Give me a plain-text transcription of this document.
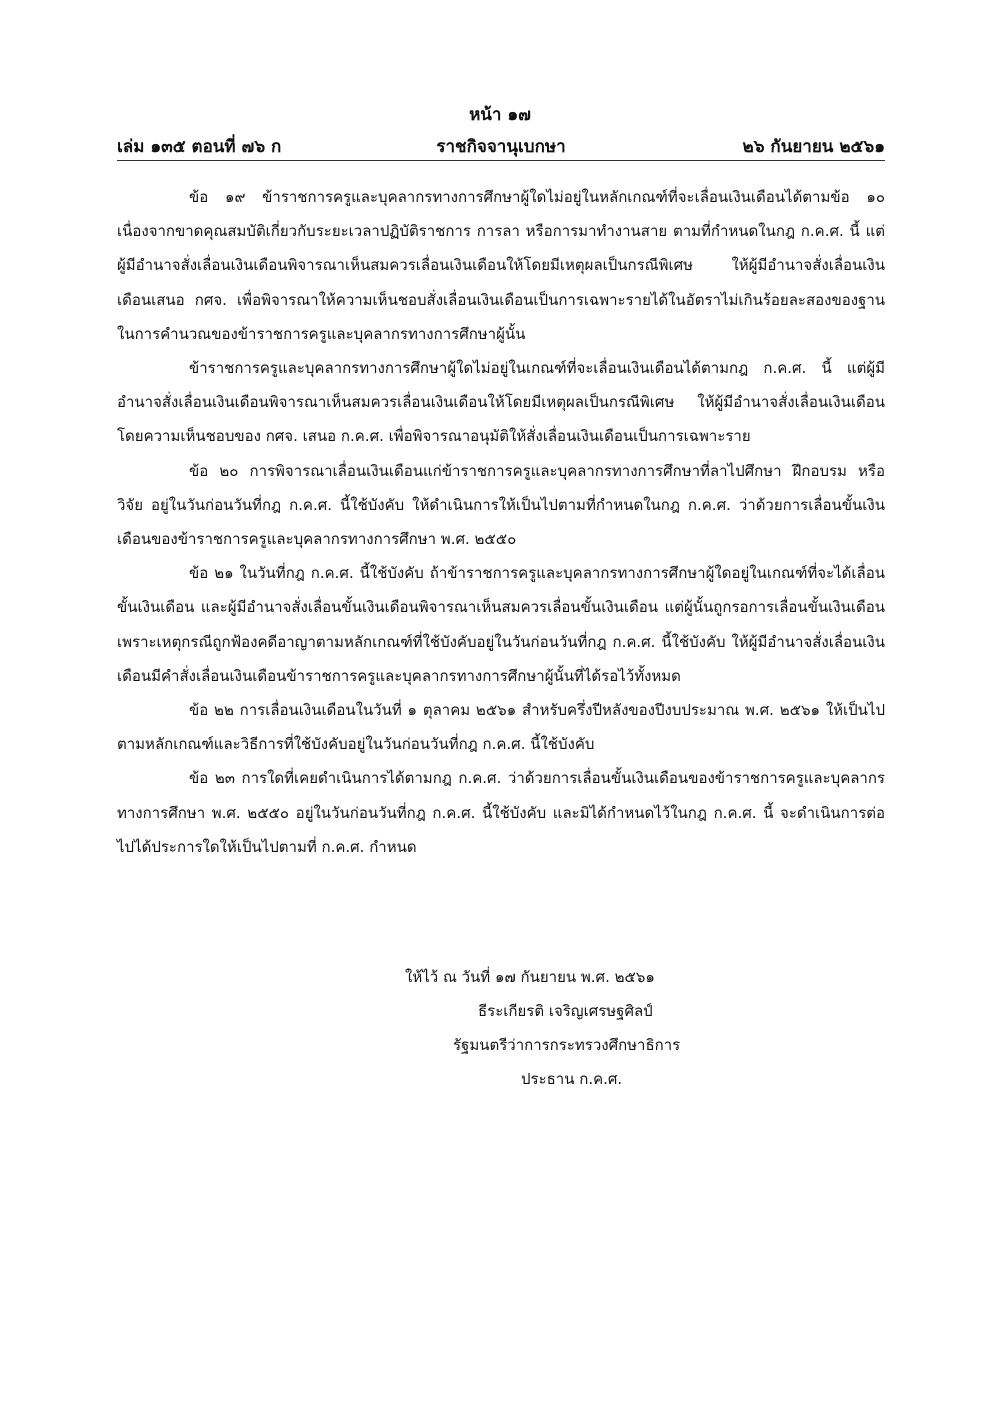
หน้า ๑๗
เล่ม ๑๓๕ ตอนที่ ๗๖ ก	ราชกิจจานุเบกษา	๒๖ กันยายน ๒๕๖๑

ข้อ ๑๙ ข้าราชการครูและบุคลากรทางการศึกษาผู้ใดไม่อยู่ในหลักเกณฑ์ที่จะเลื่อนเงินเดือนได้ตามข้อ ๑๐ เนื่องจากขาดคุณสมบัติเกี่ยวกับระยะเวลาปฏิบัติราชการ การลา หรือการมาทำงานสาย ตามที่กำหนดในกฎ ก.ค.ศ. นี้ แต่ผู้มีอำนาจสั่งเลื่อนเงินเดือนพิจารณาเห็นสมควรเลื่อนเงินเดือนให้โดยมีเหตุผลเป็นกรณีพิเศษ ให้ผู้มีอำนาจสั่งเลื่อนเงินเดือนเสนอ กศจ. เพื่อพิจารณาให้ความเห็นชอบสั่งเลื่อนเงินเดือนเป็นการเฉพาะรายได้ในอัตราไม่เกินร้อยละสองของฐานในการคำนวณของข้าราชการครูและบุคลากรทางการศึกษาผู้นั้น

ข้าราชการครูและบุคลากรทางการศึกษาผู้ใดไม่อยู่ในเกณฑ์ที่จะเลื่อนเงินเดือนได้ตามกฎ ก.ค.ศ. นี้ แต่ผู้มีอำนาจสั่งเลื่อนเงินเดือนพิจารณาเห็นสมควรเลื่อนเงินเดือนให้โดยมีเหตุผลเป็นกรณีพิเศษ ให้ผู้มีอำนาจสั่งเลื่อนเงินเดือน โดยความเห็นชอบของ กศจ. เสนอ ก.ค.ศ. เพื่อพิจารณาอนุมัติให้สั่งเลื่อนเงินเดือนเป็นการเฉพาะราย

ข้อ ๒๐ การพิจารณาเลื่อนเงินเดือนแก่ข้าราชการครูและบุคลากรทางการศึกษาที่ลาไปศึกษา ฝึกอบรม หรือวิจัย อยู่ในวันก่อนวันที่กฎ ก.ค.ศ. นี้ใช้บังคับ ให้ดำเนินการให้เป็นไปตามที่กำหนดในกฎ ก.ค.ศ. ว่าด้วยการเลื่อนขั้นเงินเดือนของข้าราชการครูและบุคลากรทางการศึกษา พ.ศ. ๒๕๕๐

ข้อ ๒๑ ในวันที่กฎ ก.ค.ศ. นี้ใช้บังคับ ถ้าข้าราชการครูและบุคลากรทางการศึกษาผู้ใดอยู่ในเกณฑ์ที่จะได้เลื่อนขั้นเงินเดือน และผู้มีอำนาจสั่งเลื่อนขั้นเงินเดือนพิจารณาเห็นสมควรเลื่อนขั้นเงินเดือน แต่ผู้นั้นถูกรอการเลื่อนขั้นเงินเดือนเพราะเหตุกรณีถูกฟ้องคดีอาญาตามหลักเกณฑ์ที่ใช้บังคับอยู่ในวันก่อนวันที่กฎ ก.ค.ศ. นี้ใช้บังคับ ให้ผู้มีอำนาจสั่งเลื่อนเงินเดือนมีคำสั่งเลื่อนเงินเดือนข้าราชการครูและบุคลากรทางการศึกษาผู้นั้นที่ได้รอไว้ทั้งหมด

ข้อ ๒๒ การเลื่อนเงินเดือนในวันที่ ๑ ตุลาคม ๒๕๖๑ สำหรับครึ่งปีหลังของปีงบประมาณ พ.ศ. ๒๕๖๑ ให้เป็นไปตามหลักเกณฑ์และวิธีการที่ใช้บังคับอยู่ในวันก่อนวันที่กฎ ก.ค.ศ. นี้ใช้บังคับ

ข้อ ๒๓ การใดที่เคยดำเนินการได้ตามกฎ ก.ค.ศ. ว่าด้วยการเลื่อนขั้นเงินเดือนของข้าราชการครูและบุคลากรทางการศึกษา พ.ศ. ๒๕๕๐ อยู่ในวันก่อนวันที่กฎ ก.ค.ศ. นี้ใช้บังคับ และมิได้กำหนดไว้ในกฎ ก.ค.ศ. นี้ จะดำเนินการต่อไปได้ประการใดให้เป็นไปตามที่ ก.ค.ศ. กำหนด

ให้ไว้ ณ วันที่ ๑๗ กันยายน พ.ศ. ๒๕๖๑
ธีระเกียรติ เจริญเศรษฐศิลป์
รัฐมนตรีว่าการกระทรวงศึกษาธิการ
ประธาน ก.ค.ศ.
